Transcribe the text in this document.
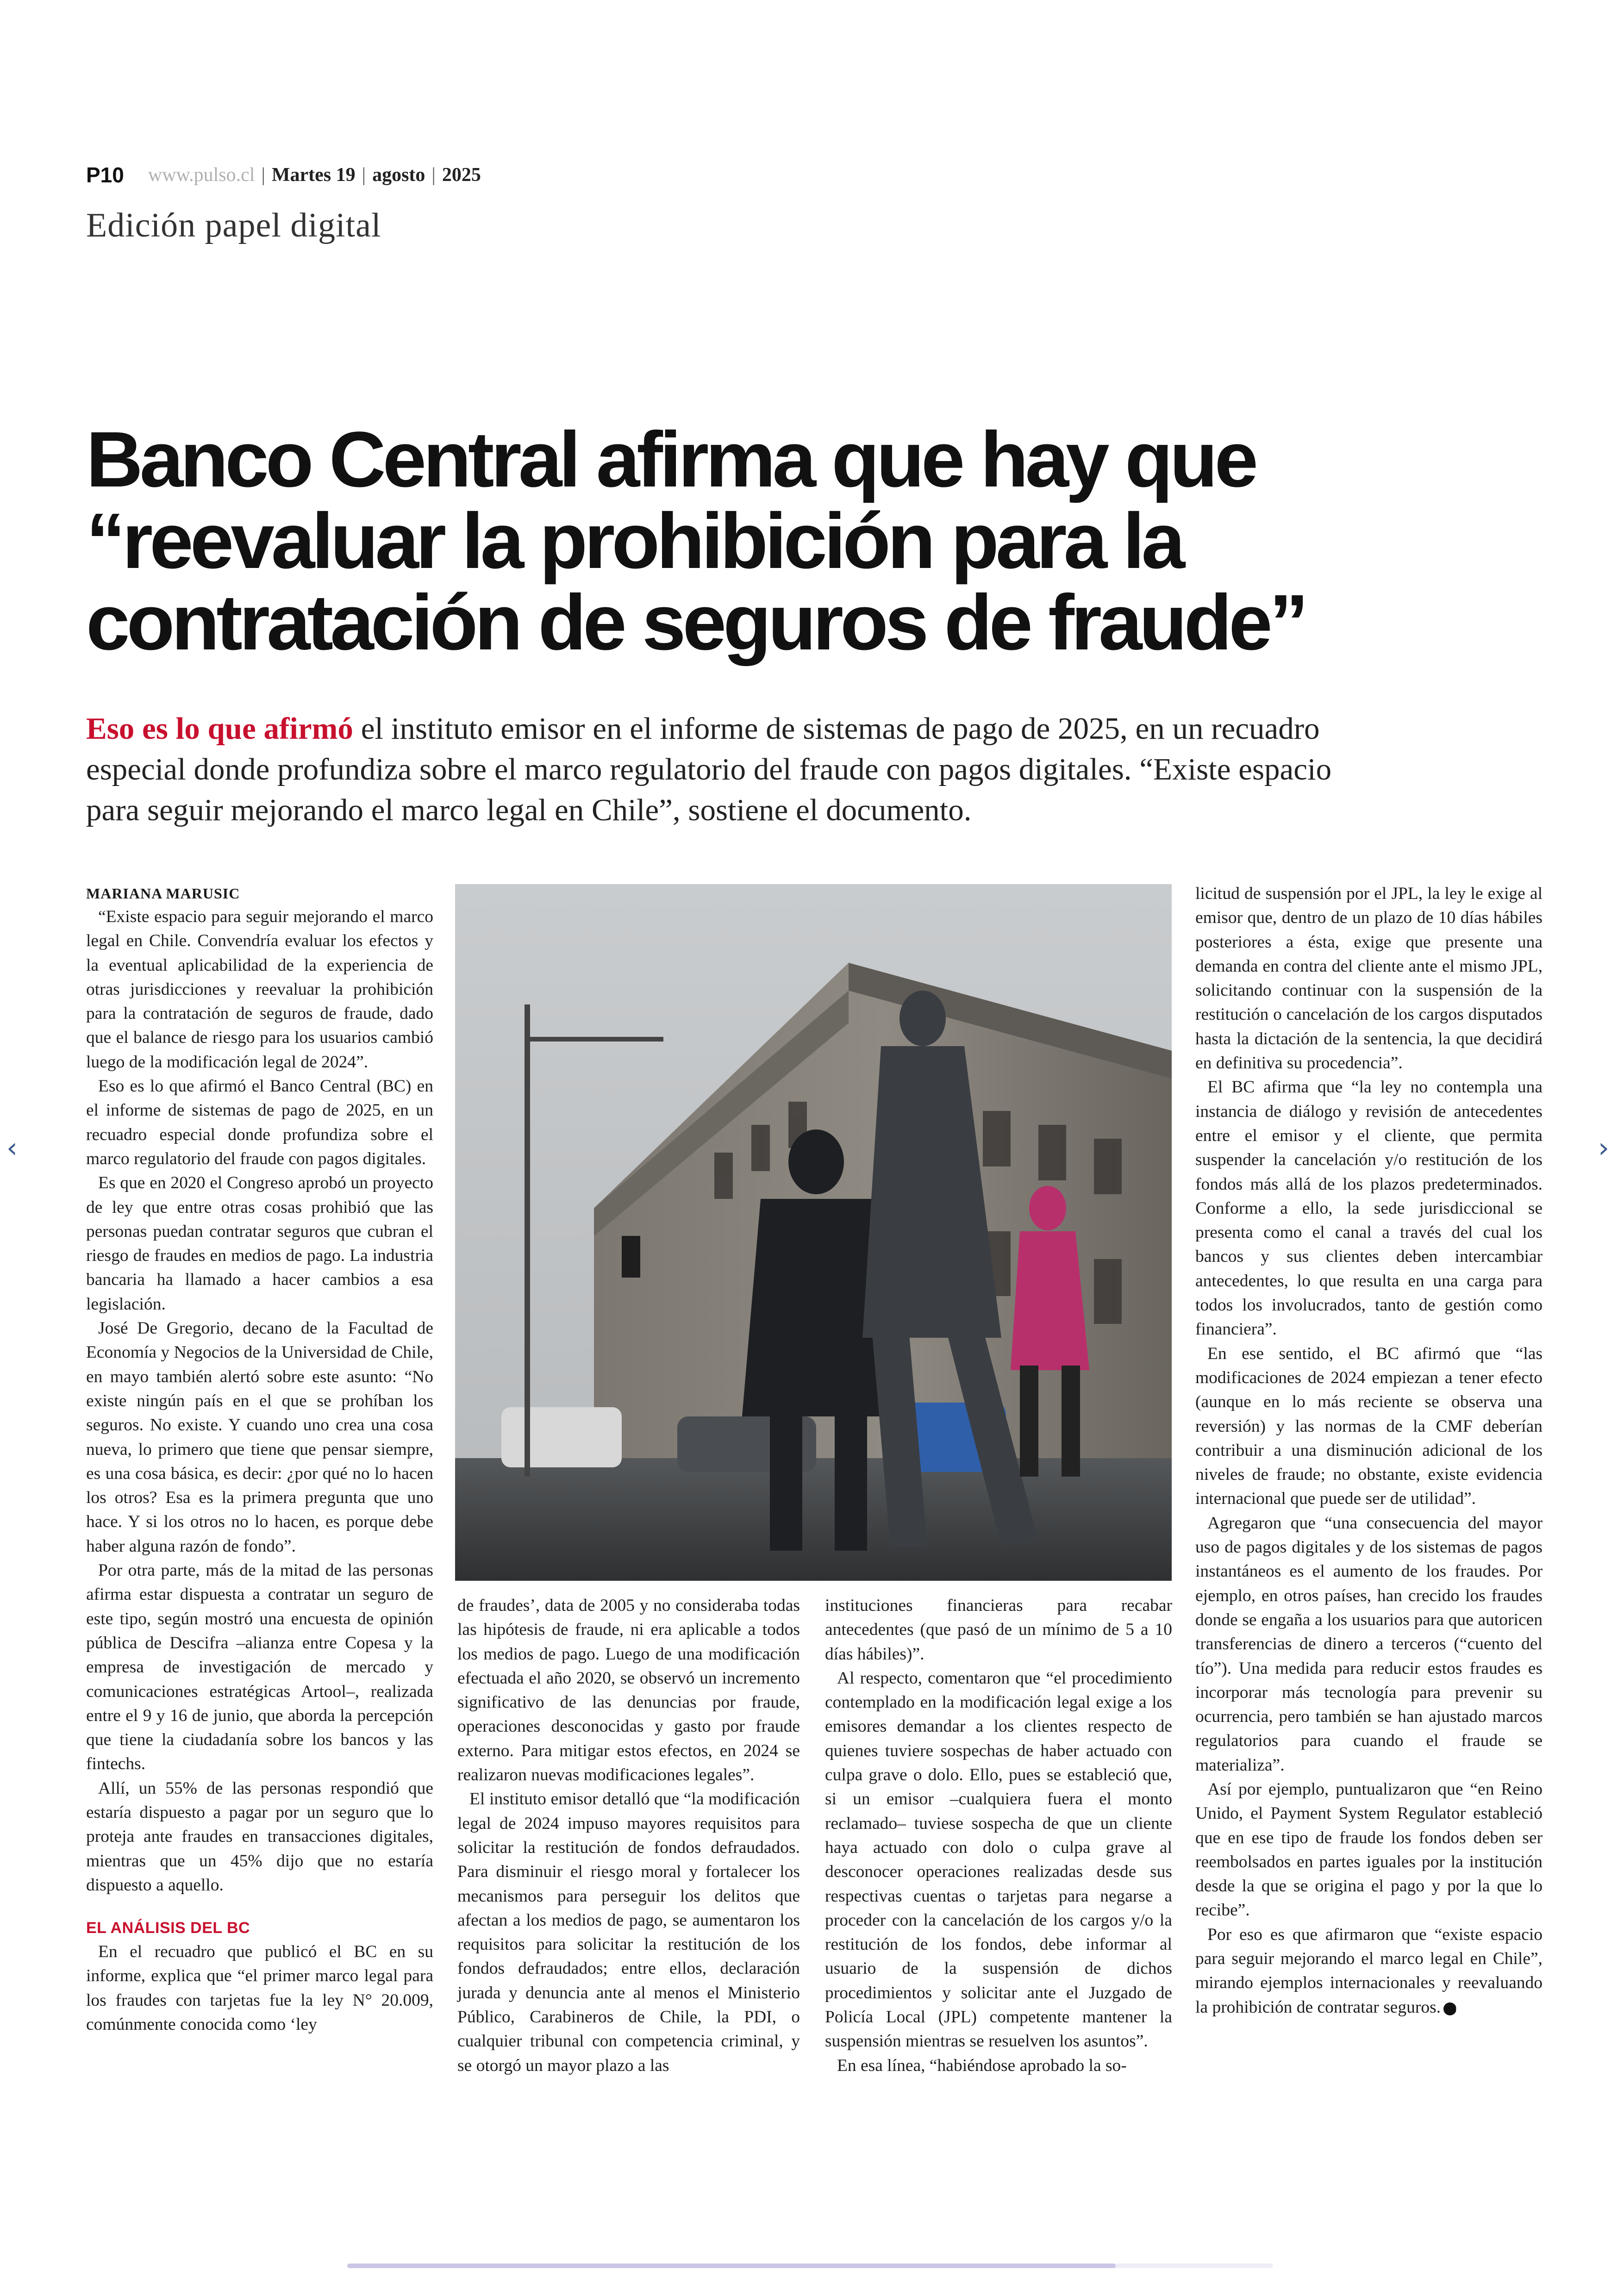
P10 www.pulso.cl | Martes 19 | agosto | 2025
Edición papel digital
Banco Central afirma que hay que
“reevaluar la prohibición para la
contratación de seguros de fraude”
Eso es lo que afirmó el instituto emisor en el informe de sistemas de pago de 2025, en un recuadro especial donde profundiza sobre el marco regulatorio del fraude con pagos digitales. “Existe espacio para seguir mejorando el marco legal en Chile”, sostiene el documento.
MARIANA MARUSIC

“Existe espacio para seguir mejorando el marco legal en Chile. Convendría evaluar los efectos y la eventual aplicabilidad de la experiencia de otras jurisdicciones y reevaluar la prohibición para la contratación de seguros de fraude, dado que el balance de riesgo para los usuarios cambió luego de la modificación legal de 2024”.

Eso es lo que afirmó el Banco Central (BC) en el informe de sistemas de pago de 2025, en un recuadro especial donde profundiza sobre el marco regulatorio del fraude con pagos digitales.

Es que en 2020 el Congreso aprobó un proyecto de ley que entre otras cosas prohibió que las personas puedan contratar seguros que cubran el riesgo de fraudes en medios de pago. La industria bancaria ha llamado a hacer cambios a esa legislación.

José De Gregorio, decano de la Facultad de Economía y Negocios de la Universidad de Chile, en mayo también alertó sobre este asunto: “No existe ningún país en el que se prohíban los seguros. No existe. Y cuando uno crea una cosa nueva, lo primero que tiene que pensar siempre, es una cosa básica, es decir: ¿por qué no lo hacen los otros? Esa es la primera pregunta que uno hace. Y si los otros no lo hacen, es porque debe haber alguna razón de fondo”.

Por otra parte, más de la mitad de las personas afirma estar dispuesta a contratar un seguro de este tipo, según mostró una encuesta de opinión pública de Descifra –alianza entre Copesa y la empresa de investigación de mercado y comunicaciones estratégicas Artool–, realizada entre el 9 y 16 de junio, que aborda la percepción que tiene la ciudadanía sobre los bancos y las fintechs.

Allí, un 55% de las personas respondió que estaría dispuesto a pagar por un seguro que lo proteja ante fraudes en transacciones digitales, mientras que un 45% dijo que no estaría dispuesto a aquello.

EL ANÁLISIS DEL BC

En el recuadro que publicó el BC en su informe, explica que “el primer marco legal para los fraudes con tarjetas fue la ley N° 20.009, comúnmente conocida como ‘ley

de fraudes’, data de 2005 y no consideraba todas las hipótesis de fraude, ni era aplicable a todos los medios de pago. Luego de una modificación efectuada el año 2020, se observó un incremento significativo de las denuncias por fraude, operaciones desconocidas y gasto por fraude externo. Para mitigar estos efectos, en 2024 se realizaron nuevas modificaciones legales”.

El instituto emisor detalló que “la modificación legal de 2024 impuso mayores requisitos para solicitar la restitución de fondos defraudados. Para disminuir el riesgo moral y fortalecer los mecanismos para perseguir los delitos que afectan a los medios de pago, se aumentaron los requisitos para solicitar la restitución de los fondos defraudados; entre ellos, declaración jurada y denuncia ante al menos el Ministerio Público, Carabineros de Chile, la PDI, o cualquier tribunal con competencia criminal, y se otorgó un mayor plazo a las

instituciones financieras para recabar antecedentes (que pasó de un mínimo de 5 a 10 días hábiles)”.

Al respecto, comentaron que “el procedimiento contemplado en la modificación legal exige a los emisores demandar a los clientes respecto de quienes tuviere sospechas de haber actuado con culpa grave o dolo. Ello, pues se estableció que, si un emisor –cualquiera fuera el monto reclamado– tuviese sospecha de que un cliente haya actuado con dolo o culpa grave al desconocer operaciones realizadas desde sus respectivas cuentas o tarjetas para negarse a proceder con la cancelación de los cargos y/o la restitución de los fondos, debe informar al usuario de la suspensión de dichos procedimientos y solicitar ante el Juzgado de Policía Local (JPL) competente mantener la suspensión mientras se resuelven los asuntos”.

En esa línea, “habiéndose aprobado la so-

licitud de suspensión por el JPL, la ley le exige al emisor que, dentro de un plazo de 10 días hábiles posteriores a ésta, exige que presente una demanda en contra del cliente ante el mismo JPL, solicitando continuar con la suspensión de la restitución o cancelación de los cargos disputados hasta la dictación de la sentencia, la que decidirá en definitiva su procedencia”.

El BC afirma que “la ley no contempla una instancia de diálogo y revisión de antecedentes entre el emisor y el cliente, que permita suspender la cancelación y/o restitución de los fondos más allá de los plazos predeterminados. Conforme a ello, la sede jurisdiccional se presenta como el canal a través del cual los bancos y sus clientes deben intercambiar antecedentes, lo que resulta en una carga para todos los involucrados, tanto de gestión como financiera”.

En ese sentido, el BC afirmó que “las modificaciones de 2024 empiezan a tener efecto (aunque en lo más reciente se observa una reversión) y las normas de la CMF deberían contribuir a una disminución adicional de los niveles de fraude; no obstante, existe evidencia internacional que puede ser de utilidad”.

Agregaron que “una consecuencia del mayor uso de pagos digitales y de los sistemas de pagos instantáneos es el aumento de los fraudes. Por ejemplo, en otros países, han crecido los fraudes donde se engaña a los usuarios para que autoricen transferencias de dinero a terceros (“cuento del tío”). Una medida para reducir estos fraudes es incorporar más tecnología para prevenir su ocurrencia, pero también se han ajustado marcos regulatorios para cuando el fraude se materializa”.

Así por ejemplo, puntualizaron que “en Reino Unido, el Payment System Regulator estableció que en ese tipo de fraude los fondos deben ser reembolsados en partes iguales por la institución desde la que se origina el pago y por la que lo recibe”.

Por eso es que afirmaron que “existe espacio para seguir mejorando el marco legal en Chile”, mirando ejemplos internacionales y reevaluando la prohibición de contratar seguros. P

‹	›
